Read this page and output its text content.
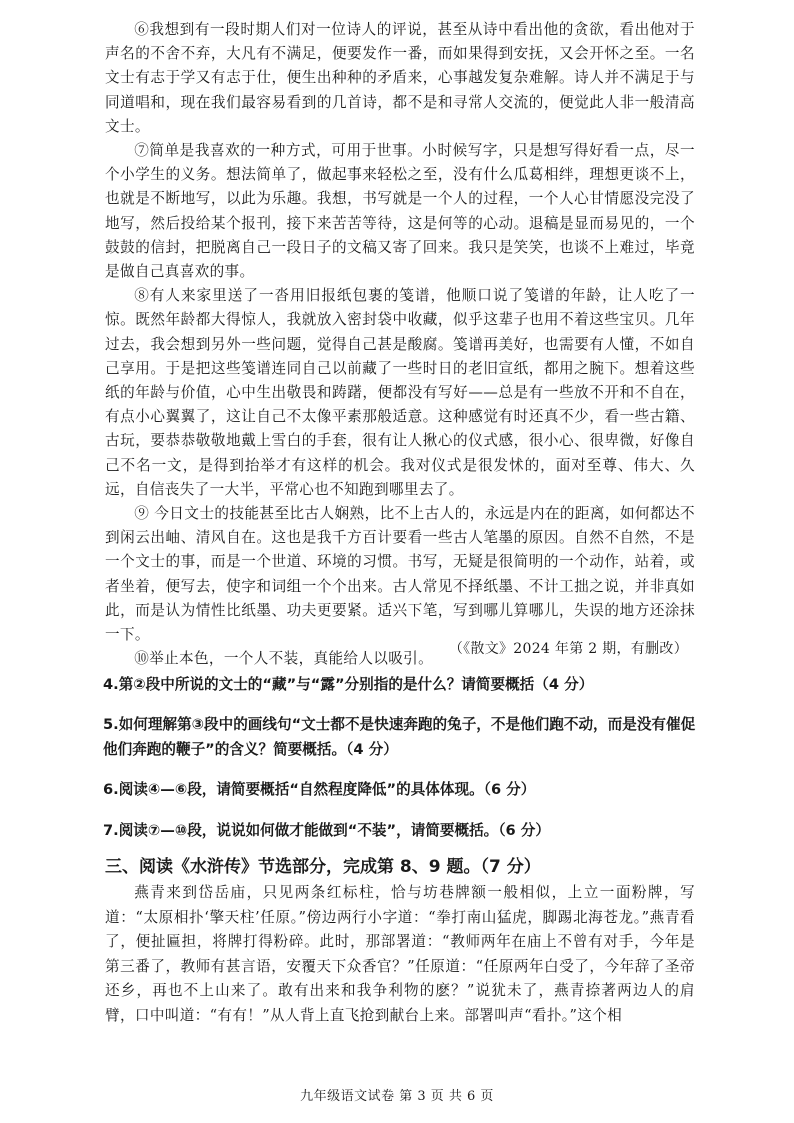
⑥我想到有一段时期人们对一位诗人的评说，甚至从诗中看出他的贪欲，看出他对于声名的不舍不弃，大凡有不满足，便要发作一番，而如果得到安抚，又会开怀之至。一名文士有志于学又有志于仕，便生出种种的矛盾来，心事越发复杂难解。诗人并不满足于与同道唱和，现在我们最容易看到的几首诗，都不是和寻常人交流的，便觉此人非一般清高文士。

⑦简单是我喜欢的一种方式，可用于世事。小时候写字，只是想写得好看一点，尽一个小学生的义务。想法简单了，做起事来轻松之至，没有什么瓜葛相绊，理想更谈不上，也就是不断地写，以此为乐趣。我想，书写就是一个人的过程，一个人心甘情愿没完没了地写，然后投给某个报刊，接下来苦苦等待，这是何等的心动。退稿是显而易见的，一个鼓鼓的信封，把脱离自己一段日子的文稿又寄了回来。我只是笑笑，也谈不上难过，毕竟是做自己真喜欢的事。

⑧有人来家里送了一沓用旧报纸包裹的笺谱，他顺口说了笺谱的年龄，让人吃了一惊。既然年龄都大得惊人，我就放入密封袋中收藏，似乎这辈子也用不着这些宝贝。几年过去，我会想到另外一些问题，觉得自己甚是酸腐。笺谱再美好，也需要有人懂，不如自己享用。于是把这些笺谱连同自己以前藏了一些时日的老旧宣纸，都用之腕下。想着这些纸的年龄与价值，心中生出敬畏和踌躇，便都没有写好——总是有一些放不开和不自在，有点小心翼翼了，这让自己不太像平素那般适意。这种感觉有时还真不少，看一些古籍、古玩，要恭恭敬敬地戴上雪白的手套，很有让人揪心的仪式感，很小心、很卑微，好像自己不名一文，是得到抬举才有这样的机会。我对仪式是很发怵的，面对至尊、伟大、久远，自信丧失了一大半，平常心也不知跑到哪里去了。

⑨ 今日文士的技能甚至比古人娴熟，比不上古人的，永远是内在的距离，如何都达不到闲云出岫、清风自在。这也是我千方百计要看一些古人笔墨的原因。自然不自然，不是一个文士的事，而是一个世道、环境的习惯。书写，无疑是很简明的一个动作，站着，或者坐着，便写去，使字和词组一个个出来。古人常见不择纸墨、不计工拙之说，并非真如此，而是认为情性比纸墨、功夫更要紧。适兴下笔，写到哪儿算哪儿，失误的地方还涂抹一下。

⑩举止本色，一个人不装，真能给人以吸引。

（《散文》2024 年第 2 期，有删改）

4.第②段中所说的文士的“藏”与“露”分别指的是什么？请简要概括（4 分）

5.如何理解第③段中的画线句“文士都不是快速奔跑的兔子，不是他们跑不动，而是没有催促他们奔跑的鞭子”的含义？简要概括。（4 分）

6.阅读④—⑥段，请简要概括“自然程度降低”的具体体现。（6 分）

7.阅读⑦—⑩段，说说如何做才能做到“不装”，请简要概括。（6 分）

三、阅读《水浒传》节选部分，完成第 8、9 题。（7 分）

燕青来到岱岳庙，只见两条红标柱，恰与坊巷牌额一般相似，上立一面粉牌，写道：“太原相扑‘擎天柱’任原。”傍边两行小字道：“拳打南山猛虎，脚踢北海苍龙。”燕青看了，便扯匾担，将牌打得粉碎。此时，那部署道：“教师两年在庙上不曾有对手，今年是第三番了，教师有甚言语，安覆天下众香官？”任原道：“任原两年白受了，今年辞了圣帝还乡，再也不上山来了。敢有出来和我争利物的麽？”说犹未了，燕青捺著两边人的肩臂，口中叫道：“有有！”从人背上直飞抢到献台上来。部署叫声“看扑。”这个相

九年级语文试卷 第 3 页 共 6 页
